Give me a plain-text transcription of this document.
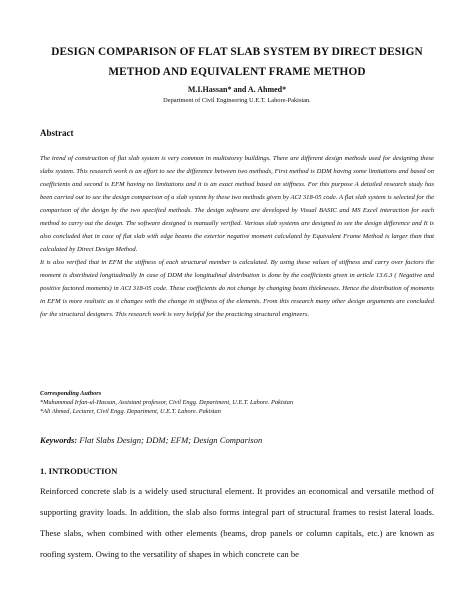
DESIGN COMPARISON OF FLAT SLAB SYSTEM BY DIRECT DESIGN METHOD AND EQUIVALENT FRAME METHOD
M.I.Hassan* and A. Ahmed*
Department of Civil Engineering U.E.T. Lahore-Pakistan.
Abstract

The trend of construction of flat slab system is very common in multistorey buildings. There are different design methods used for designing these slabs system. This research work is an effort to see the difference between two methods, First method is DDM having some limitations and based on coefficients and second is EFM having no limitations and it is an exact method based on stiffness. For this purpose A detailed research study has been carried out to see the design comparison of a slab system by these two methods given by ACI 318-05 code. A flat slab system is selected for the comparison of the design by the two specified methods. The design software are developed by Visual BASIC and MS Excel interaction for each method to carry out the design. The software designed is manually verified. Various slab systems are designed to see the design difference and It is also concluded that in case of flat slab with edge beams the exterior negative moment calculated by Equivalent Frame Method is larger than that calculated by Direct Design Method.

It is also verified that in EFM the stiffness of each structural member is calculated. By using these values of stiffness and carry over factors the moment is distributed longitudinally In case of DDM the longitudinal distribution is done by the coefficients given in article 13.6.3 ( Negative and positive factored moments) in ACI 318-05 code. These coefficients do not change by changing beam thicknesses. Hence the distribution of moments in EFM is more realistic as it changes with the change in stiffness of the elements. From this research many other design arguments are concluded for the structural designers. This research work is very helpful for the practicing structural engineers.

Corresponding Authors
*Muhammad Irfan-ul-Hassan, Assistant professor, Civil Engg. Department, U.E.T. Lahore. Pakistan
*Ali Ahmed, Lecturer, Civil Engg. Department, U.E.T. Lahore. Pakistan
Keywords: Flat Slabs Design; DDM; EFM; Design Comparison
1. INTRODUCTION

Reinforced concrete slab is a widely used structural element. It provides an economical and versatile method of supporting gravity loads. In addition, the slab also forms integral part of structural frames to resist lateral loads. These slabs, when combined with other elements (beams, drop panels or column capitals, etc.) are known as roofing system. Owing to the versatility of shapes in which concrete can be
